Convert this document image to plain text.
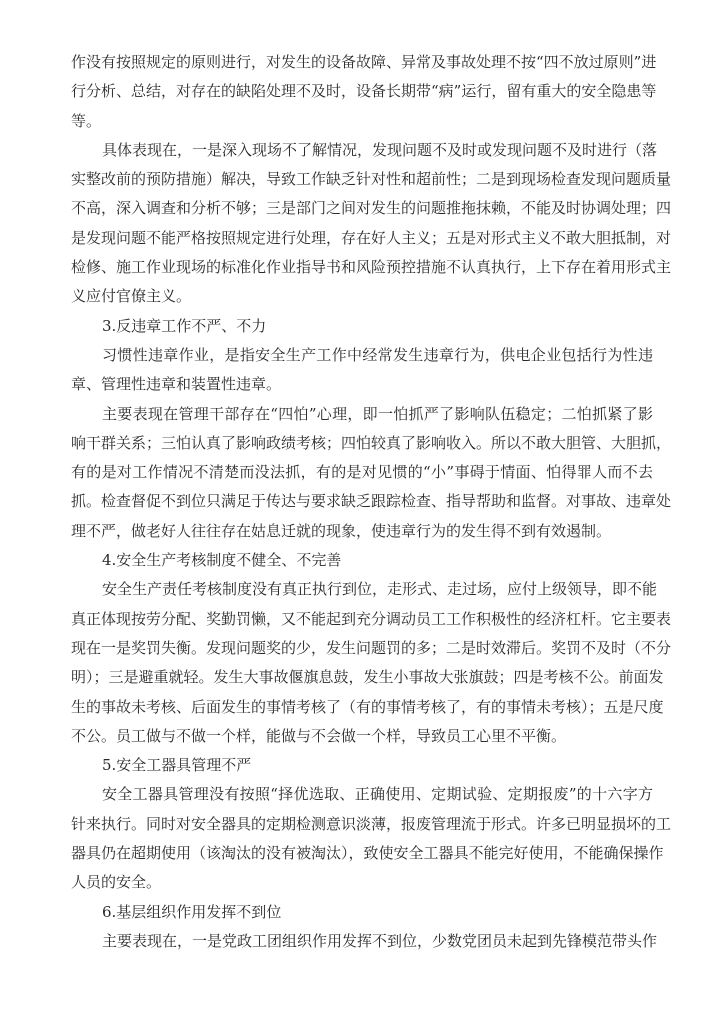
作没有按照规定的原则进行，对发生的设备故障、异常及事故处理不按“四不放过原则”进
行分析、总结，对存在的缺陷处理不及时，设备长期带“病”运行，留有重大的安全隐患等
等。
具体表现在，一是深入现场不了解情况，发现问题不及时或发现问题不及时进行（落
实整改前的预防措施）解决，导致工作缺乏针对性和超前性；二是到现场检查发现问题质量
不高，深入调查和分析不够；三是部门之间对发生的问题推拖抹赖，不能及时协调处理；四
是发现问题不能严格按照规定进行处理，存在好人主义；五是对形式主义不敢大胆抵制，对
检修、施工作业现场的标准化作业指导书和风险预控措施不认真执行，上下存在着用形式主
义应付官僚主义。
3.反违章工作不严、不力
习惯性违章作业，是指安全生产工作中经常发生违章行为，供电企业包括行为性违
章、管理性违章和装置性违章。
主要表现在管理干部存在“四怕”心理，即一怕抓严了影响队伍稳定；二怕抓紧了影
响干群关系；三怕认真了影响政绩考核；四怕较真了影响收入。所以不敢大胆管、大胆抓，
有的是对工作情况不清楚而没法抓，有的是对见惯的“小”事碍于情面、怕得罪人而不去
抓。检查督促不到位只满足于传达与要求缺乏跟踪检查、指导帮助和监督。对事故、违章处
理不严，做老好人往往存在姑息迁就的现象，使违章行为的发生得不到有效遏制。
4.安全生产考核制度不健全、不完善
安全生产责任考核制度没有真正执行到位，走形式、走过场，应付上级领导，即不能
真正体现按劳分配、奖勤罚懒，又不能起到充分调动员工工作积极性的经济杠杆。它主要表
现在一是奖罚失衡。发现问题奖的少，发生问题罚的多；二是时效滞后。奖罚不及时（不分
明）；三是避重就轻。发生大事故偃旗息鼓，发生小事故大张旗鼓；四是考核不公。前面发
生的事故未考核、后面发生的事情考核了（有的事情考核了，有的事情未考核）；五是尺度
不公。员工做与不做一个样，能做与不会做一个样，导致员工心里不平衡。
5.安全工器具管理不严
安全工器具管理没有按照“择优选取、正确使用、定期试验、定期报废”的十六字方
针来执行。同时对安全器具的定期检测意识淡薄，报废管理流于形式。许多已明显损坏的工
器具仍在超期使用（该淘汰的没有被淘汰），致使安全工器具不能完好使用，不能确保操作
人员的安全。
6.基层组织作用发挥不到位
主要表现在，一是党政工团组织作用发挥不到位，少数党团员未起到先锋模范带头作
